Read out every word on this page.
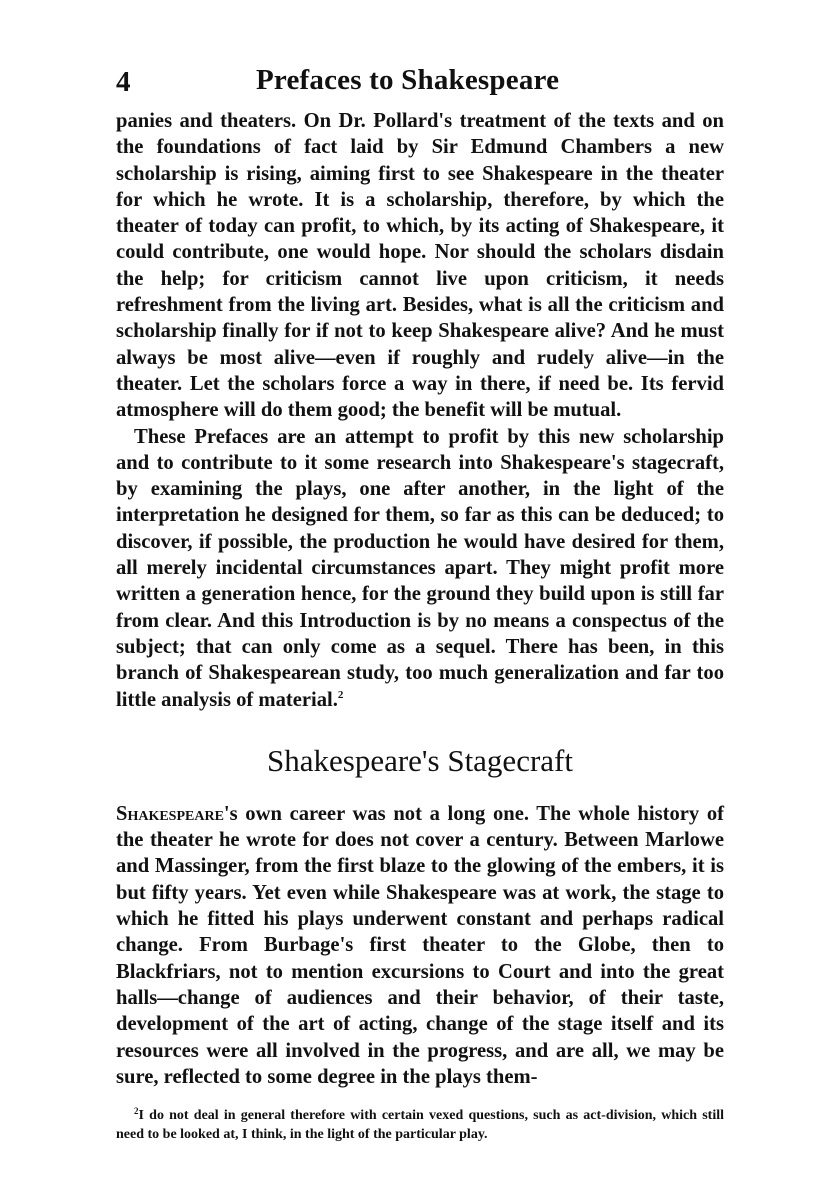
4	Prefaces to Shakespeare

panies and theaters. On Dr. Pollard's treatment of the texts and on the foundations of fact laid by Sir Edmund Chambers a new scholarship is rising, aiming first to see Shakespeare in the theater for which he wrote. It is a scholarship, therefore, by which the theater of today can profit, to which, by its acting of Shakespeare, it could contribute, one would hope. Nor should the scholars disdain the help; for criticism cannot live upon criticism, it needs refreshment from the living art. Besides, what is all the criticism and scholarship finally for if not to keep Shakespeare alive? And he must always be most alive—even if roughly and rudely alive—in the theater. Let the scholars force a way in there, if need be. Its fervid atmosphere will do them good; the benefit will be mutual.

These Prefaces are an attempt to profit by this new scholarship and to contribute to it some research into Shakespeare's stagecraft, by examining the plays, one after another, in the light of the interpretation he designed for them, so far as this can be deduced; to discover, if possible, the production he would have desired for them, all merely incidental circumstances apart. They might profit more written a generation hence, for the ground they build upon is still far from clear. And this Introduction is by no means a conspectus of the subject; that can only come as a sequel. There has been, in this branch of Shakespearean study, too much generalization and far too little analysis of material.$^2$

Shakespeare's Stagecraft

Shakespeare's own career was not a long one. The whole history of the theater he wrote for does not cover a century. Between Marlowe and Massinger, from the first blaze to the glowing of the embers, it is but fifty years. Yet even while Shakespeare was at work, the stage to which he fitted his plays underwent constant and perhaps radical change. From Burbage's first theater to the Globe, then to Blackfriars, not to mention excursions to Court and into the great halls—change of audiences and their behavior, of their taste, development of the art of acting, change of the stage itself and its resources were all involved in the progress, and are all, we may be sure, reflected to some degree in the plays them-

$^2$I do not deal in general therefore with certain vexed questions, such as act-division, which still need to be looked at, I think, in the light of the particular play.
